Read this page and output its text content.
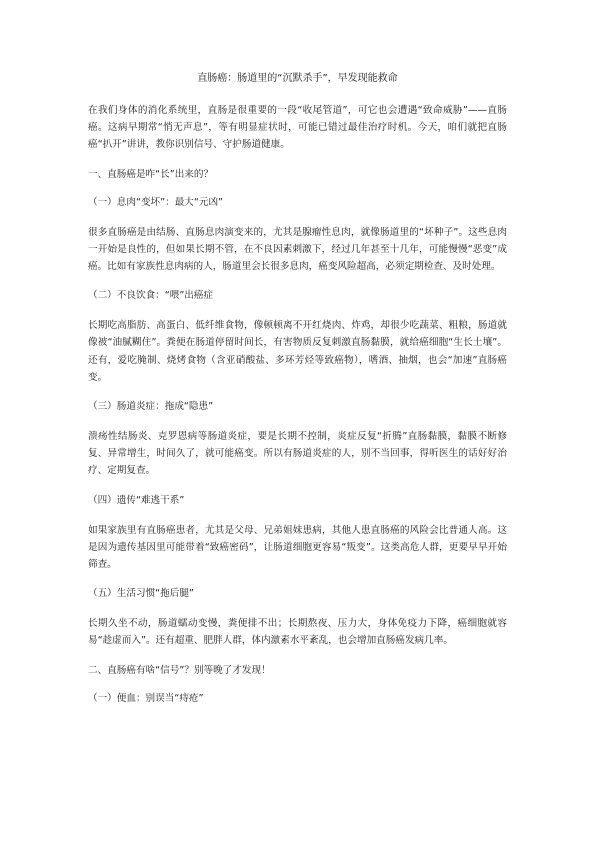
直肠癌：肠道里的“沉默杀手”，早发现能救命

在我们身体的消化系统里，直肠是很重要的一段“收尾管道”，可它也会遭遇“致命威胁”——直肠癌。这病早期常“悄无声息”，等有明显症状时，可能已错过最佳治疗时机。今天，咱们就把直肠癌“扒开”讲讲，教你识别信号、守护肠道健康。

一、直肠癌是咋“长”出来的？
（一）息肉“变坏”：最大“元凶”

很多直肠癌是由结肠、直肠息肉演变来的，尤其是腺瘤性息肉，就像肠道里的“坏种子”。这些息肉一开始是良性的，但如果长期不管，在不良因素刺激下，经过几年甚至十几年，可能慢慢“恶变”成癌。比如有家族性息肉病的人，肠道里会长很多息肉，癌变风险超高，必须定期检查、及时处理。

（二）不良饮食：“喂”出癌症

长期吃高脂肪、高蛋白、低纤维食物，像顿顿离不开红烧肉、炸鸡，却很少吃蔬菜、粗粮，肠道就像被“油腻糊住”。粪便在肠道停留时间长，有害物质反复刺激直肠黏膜，就给癌细胞“生长土壤”。还有，爱吃腌制、烧烤食物（含亚硝酸盐、多环芳烃等致癌物），嗜酒、抽烟，也会“加速”直肠癌变。

（三）肠道炎症：拖成“隐患”

溃疡性结肠炎、克罗恩病等肠道炎症，要是长期不控制，炎症反复“折腾”直肠黏膜，黏膜不断修复、异常增生，时间久了，就可能癌变。所以有肠道炎症的人，别不当回事，得听医生的话好好治疗、定期复查。

（四）遗传“难逃干系”

如果家族里有直肠癌患者，尤其是父母、兄弟姐妹患病，其他人患直肠癌的风险会比普通人高。这是因为遗传基因里可能带着“致癌密码”，让肠道细胞更容易“叛变”。这类高危人群，更要早早开始筛查。

（五）生活习惯“拖后腿”

长期久坐不动，肠道蠕动变慢，粪便排不出；长期熬夜、压力大，身体免疫力下降，癌细胞就容易“趁虚而入”。还有超重、肥胖人群，体内激素水平紊乱，也会增加直肠癌发病几率。

二、直肠癌有啥“信号”？别等晚了才发现！
（一）便血：别误当“痔疮”
